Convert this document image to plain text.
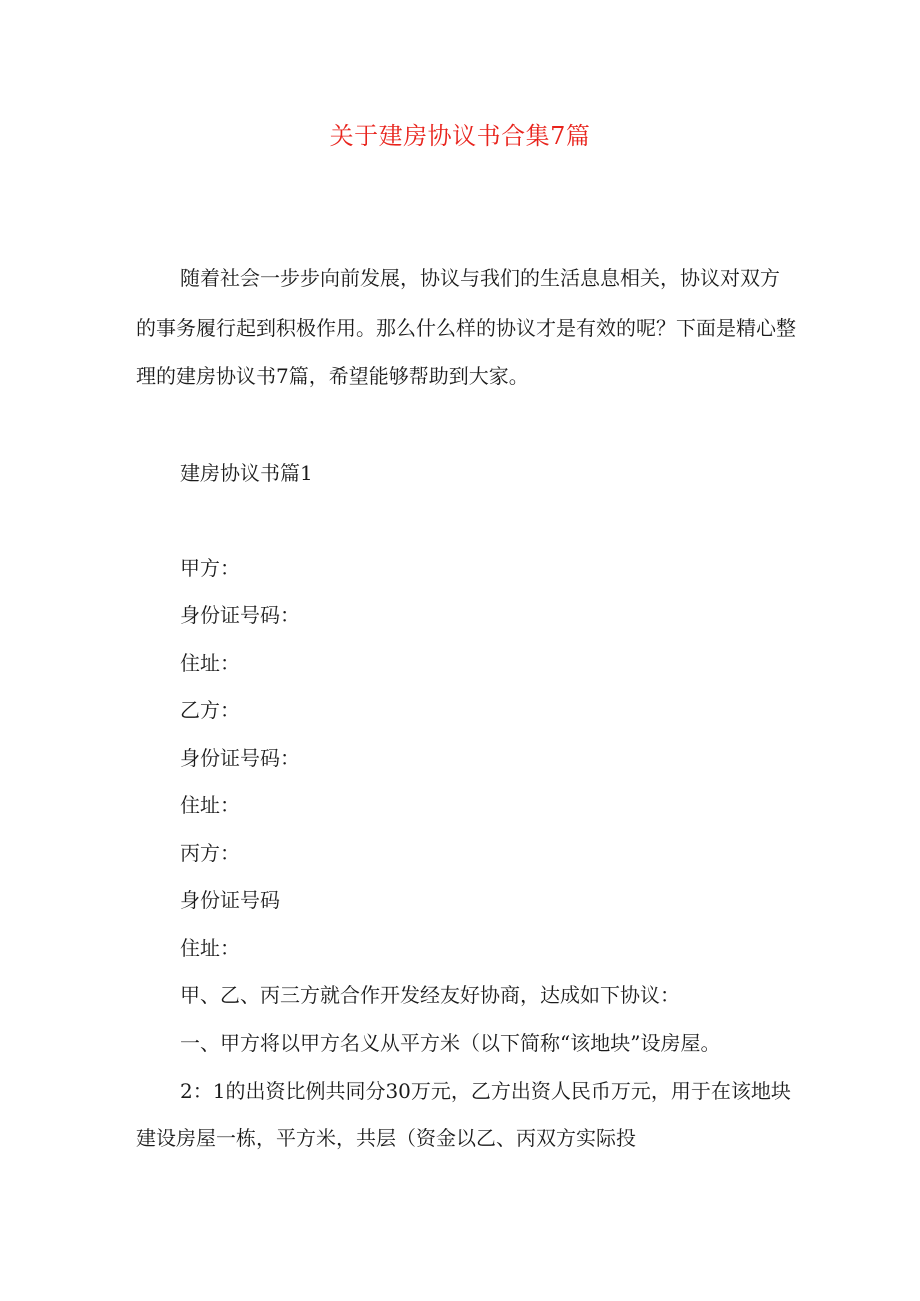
关于建房协议书合集7篇
随着社会一步步向前发展，协议与我们的生活息息相关，协议对双方
的事务履行起到积极作用。那么什么样的协议才是有效的呢？下面是精心整
理的建房协议书7篇，希望能够帮助到大家。
建房协议书篇1
甲方：
身份证号码：
住址：
乙方：
身份证号码：
住址：
丙方：
身份证号码
住址：
甲、乙、丙三方就合作开发经友好协商，达成如下协议：
一、甲方将以甲方名义从平方米（以下简称“该地块”设房屋。
2：1的出资比例共同分30万元，乙方出资人民币万元，用于在该地块
建设房屋一栋，平方米，共层（资金以乙、丙双方实际投
